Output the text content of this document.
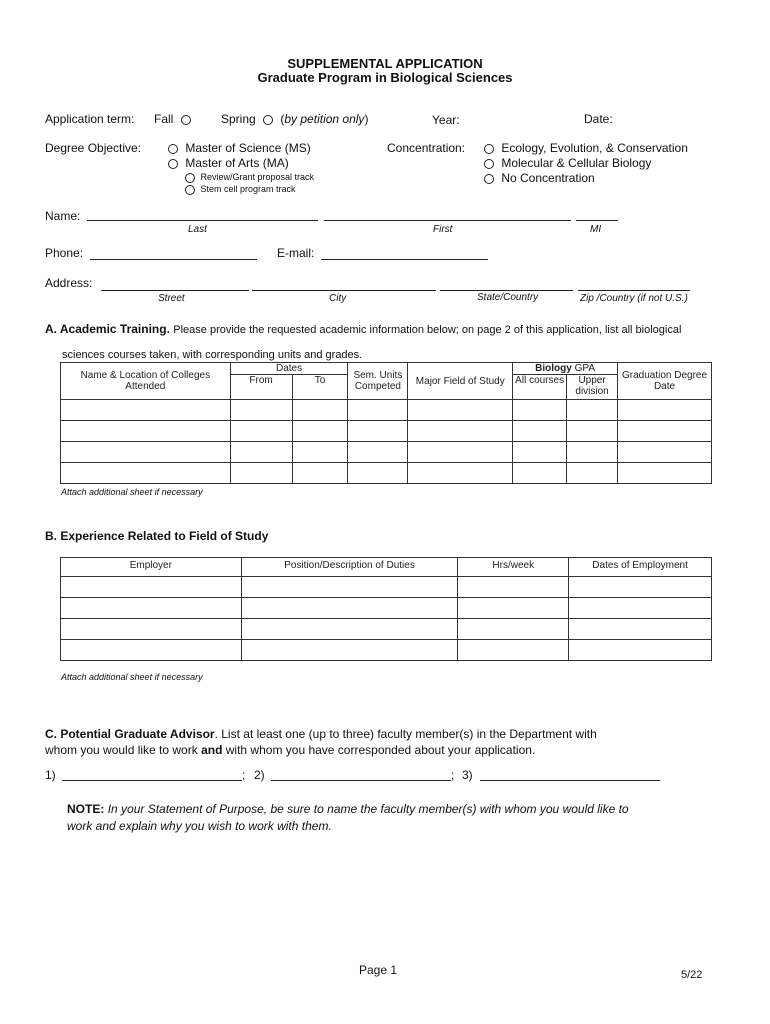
SUPPLEMENTAL APPLICATION
Graduate Program in Biological Sciences
Application term: Fall	Spring (by petition only)	Year:	Date:
Degree Objective:	Master of Science (MS)
Master of Arts (MA)
Review/Grant proposal track
Stem cell program track
Concentration:	Ecology, Evolution, & Conservation
Molecular & Cellular Biology
No Concentration
Name:
Last	First	MI
Phone:	E-mail:
Address:
Street	City	State/Country	Zip /Country (if not U.S.)
A. Academic Training. Please provide the requested academic information below; on page 2 of this application, list all biological
sciences courses taken, with corresponding units and grades.
Name & Location of Colleges Attended	Dates		Sem. Units Competed	Major Field of Study	Biology GPA		Graduation Degree Date
	From	To			All courses	Upper division	

Attach additional sheet if necessary
B. Experience Related to Field of Study
Employer	Position/Description of Duties	Hrs/week	Dates of Employment

Attach additional sheet if necessary
C. Potential Graduate Advisor. List at least one (up to three) faculty member(s) in the Department with
whom you would like to work and with whom you have corresponded about your application.
1)	; 2)	; 3)
NOTE: In your Statement of Purpose, be sure to name the faculty member(s) with whom you would like to
work and explain why you wish to work with them.
Page 1	5/22
